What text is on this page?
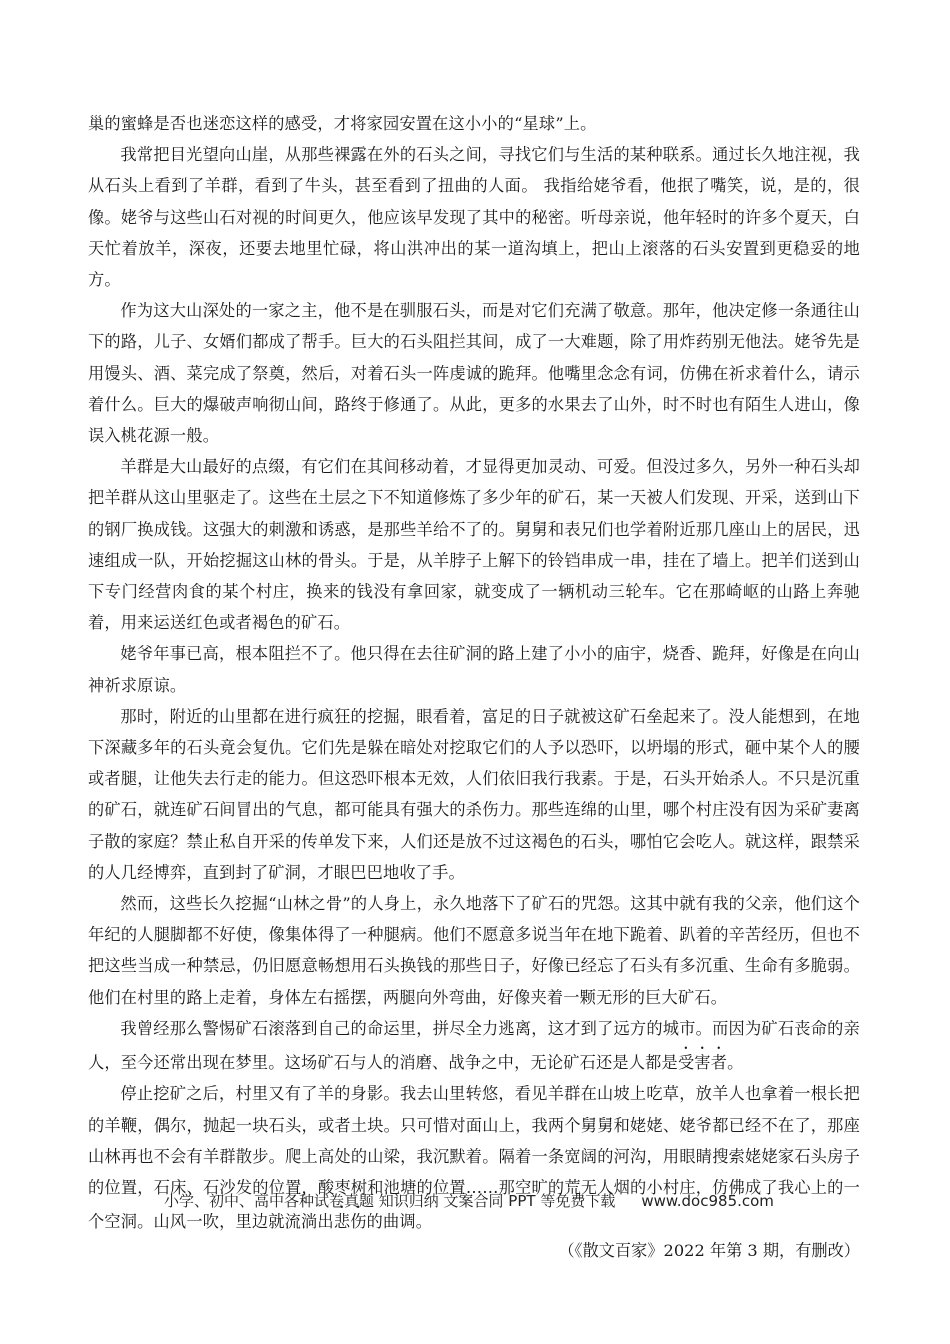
巢的蜜蜂是否也迷恋这样的感受，才将家园安置在这小小的“星球”上。

我常把目光望向山崖，从那些裸露在外的石头之间，寻找它们与生活的某种联系。通过长久地注视，我从石头上看到了羊群，看到了牛头，甚至看到了扭曲的人面。 我指给姥爷看，他抿了嘴笑，说，是的，很像。姥爷与这些山石对视的时间更久，他应该早发现了其中的秘密。听母亲说，他年轻时的许多个夏天，白天忙着放羊，深夜，还要去地里忙碌，将山洪冲出的某一道沟填上，把山上滚落的石头安置到更稳妥的地方。

作为这大山深处的一家之主，他不是在驯服石头，而是对它们充满了敬意。那年，他决定修一条通往山下的路，儿子、女婿们都成了帮手。巨大的石头阻拦其间，成了一大难题，除了用炸药别无他法。姥爷先是用馒头、酒、菜完成了祭奠，然后，对着石头一阵虔诚的跪拜。他嘴里念念有词，仿佛在祈求着什么，请示着什么。巨大的爆破声响彻山间，路终于修通了。从此，更多的水果去了山外，时不时也有陌生人进山，像误入桃花源一般。

羊群是大山最好的点缀，有它们在其间移动着，才显得更加灵动、可爱。但没过多久，另外一种石头却把羊群从这山里驱走了。这些在土层之下不知道修炼了多少年的矿石，某一天被人们发现、开采，送到山下的钢厂换成钱。这强大的刺激和诱惑，是那些羊给不了的。舅舅和表兄们也学着附近那几座山上的居民，迅速组成一队，开始挖掘这山林的骨头。于是，从羊脖子上解下的铃铛串成一串，挂在了墙上。把羊们送到山下专门经营肉食的某个村庄，换来的钱没有拿回家，就变成了一辆机动三轮车。它在那崎岖的山路上奔驰着，用来运送红色或者褐色的矿石。

姥爷年事已高，根本阻拦不了。他只得在去往矿洞的路上建了小小的庙宇，烧香、跪拜，好像是在向山神祈求原谅。

那时，附近的山里都在进行疯狂的挖掘，眼看着，富足的日子就被这矿石垒起来了。没人能想到，在地下深藏多年的石头竟会复仇。它们先是躲在暗处对挖取它们的人予以恐吓，以坍塌的形式，砸中某个人的腰或者腿，让他失去行走的能力。但这恐吓根本无效，人们依旧我行我素。于是，石头开始杀人。不只是沉重的矿石，就连矿石间冒出的气息，都可能具有强大的杀伤力。那些连绵的山里，哪个村庄没有因为采矿妻离子散的家庭？禁止私自开采的传单发下来，人们还是放不过这褐色的石头，哪怕它会吃人。就这样，跟禁采的人几经博弈，直到封了矿洞，才眼巴巴地收了手。

然而，这些长久挖掘“山林之骨”的人身上，永久地落下了矿石的咒怨。这其中就有我的父亲，他们这个年纪的人腿脚都不好使，像集体得了一种腿病。他们不愿意多说当年在地下跪着、趴着的辛苦经历，但也不把这些当成一种禁忌，仍旧愿意畅想用石头换钱的那些日子，好像已经忘了石头有多沉重、生命有多脆弱。他们在村里的路上走着，身体左右摇摆，两腿向外弯曲，好像夹着一颗无形的巨大矿石。

我曾经那么警惕矿石滚落到自己的命运里，拼尽全力逃离，这才到了远方的城市。而因为矿石丧命的亲人，至今还常出现在梦里。这场矿石与人的消磨、战争之中，无论矿石还是人都是受害者。

停止挖矿之后，村里又有了羊的身影。我去山里转悠，看见羊群在山坡上吃草，放羊人也拿着一根长把的羊鞭，偶尔，抛起一块石头，或者土块。只可惜对面山上，我两个舅舅和姥姥、姥爷都已经不在了，那座山林再也不会有羊群散步。爬上高处的山梁，我沉默着。隔着一条宽阔的河沟，用眼睛搜索姥姥家石头房子的位置，石床、石沙发的位置，酸枣树和池塘的位置……那空旷的荒无人烟的小村庄，仿佛成了我心上的一个空洞。山风一吹，里边就流淌出悲伤的曲调。

（《散文百家》2022 年第 3 期，有删改）

小学、初中、高中各种试卷真题 知识归纳 文案合同 PPT 等免费下载 www.doc985.com
